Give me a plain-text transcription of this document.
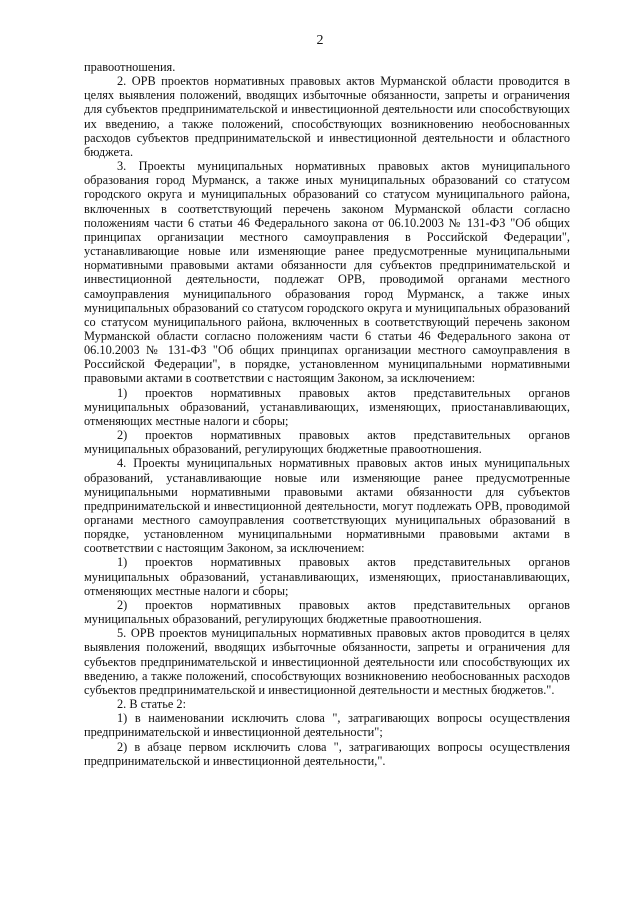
2

правоотношения.

2. ОРВ проектов нормативных правовых актов Мурманской области проводится в целях выявления положений, вводящих избыточные обязанности, запреты и ограничения для субъектов предпринимательской и инвестиционной деятельности или способствующих их введению, а также положений, способствующих возникновению необоснованных расходов субъектов предпринимательской и инвестиционной деятельности и областного бюджета.

3. Проекты муниципальных нормативных правовых актов муниципального образования город Мурманск, а также иных муниципальных образований со статусом городского округа и муниципальных образований со статусом муниципального района, включенных в соответствующий перечень законом Мурманской области согласно положениям части 6 статьи 46 Федерального закона от 06.10.2003 № 131-ФЗ "Об общих принципах организации местного самоуправления в Российской Федерации", устанавливающие новые или изменяющие ранее предусмотренные муниципальными нормативными правовыми актами обязанности для субъектов предпринимательской и инвестиционной деятельности, подлежат ОРВ, проводимой органами местного самоуправления муниципального образования город Мурманск, а также иных муниципальных образований со статусом городского округа и муниципальных образований со статусом муниципального района, включенных в соответствующий перечень законом Мурманской области согласно положениям части 6 статьи 46 Федерального закона от 06.10.2003 № 131-ФЗ "Об общих принципах организации местного самоуправления в Российской Федерации", в порядке, установленном муниципальными нормативными правовыми актами в соответствии с настоящим Законом, за исключением:

1) проектов нормативных правовых актов представительных органов муниципальных образований, устанавливающих, изменяющих, приостанавливающих, отменяющих местные налоги и сборы;

2) проектов нормативных правовых актов представительных органов муниципальных образований, регулирующих бюджетные правоотношения.

4. Проекты муниципальных нормативных правовых актов иных муниципальных образований, устанавливающие новые или изменяющие ранее предусмотренные муниципальными нормативными правовыми актами обязанности для субъектов предпринимательской и инвестиционной деятельности, могут подлежать ОРВ, проводимой органами местного самоуправления соответствующих муниципальных образований в порядке, установленном муниципальными нормативными правовыми актами в соответствии с настоящим Законом, за исключением:

1) проектов нормативных правовых актов представительных органов муниципальных образований, устанавливающих, изменяющих, приостанавливающих, отменяющих местные налоги и сборы;

2) проектов нормативных правовых актов представительных органов муниципальных образований, регулирующих бюджетные правоотношения.

5. ОРВ проектов муниципальных нормативных правовых актов проводится в целях выявления положений, вводящих избыточные обязанности, запреты и ограничения для субъектов предпринимательской и инвестиционной деятельности или способствующих их введению, а также положений, способствующих возникновению необоснованных расходов субъектов предпринимательской и инвестиционной деятельности и местных бюджетов.".

2. В статье 2:

1) в наименовании исключить слова ", затрагивающих вопросы осуществления предпринимательской и инвестиционной деятельности";

2) в абзаце первом исключить слова ", затрагивающих вопросы осуществления предпринимательской и инвестиционной деятельности,".
